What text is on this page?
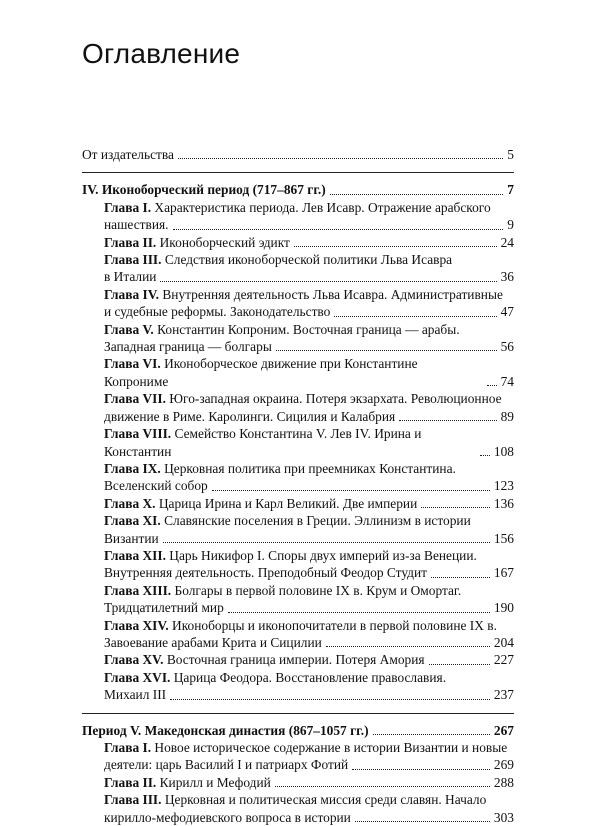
Оглавление
От издательства	5
IV. Иконоборческий период (717–867 гг.)	7
Глава I. Характеристика периода. Лев Исавр. Отражение арабского
нашествия.	9
Глава II. Иконоборческий эдикт	24
Глава III. Следствия иконоборческой политики Льва Исавра
в Италии	36
Глава IV. Внутренняя деятельность Льва Исавра. Административные
и судебные реформы. Законодательство	47
Глава V. Константин Копроним. Восточная граница — арабы.
Западная граница — болгары	56
Глава VI. Иконоборческое движение при Константине Копрониме	74
Глава VII. Юго-западная окраина. Потеря экзархата. Революционное
движение в Риме. Каролинги. Сицилия и Калабрия	89
Глава VIII. Семейство Константина V. Лев IV. Ирина и Константин	108
Глава IX. Церковная политика при преемниках Константина.
Вселенский собор	123
Глава X. Царица Ирина и Карл Великий. Две империи	136
Глава XI. Славянские поселения в Греции. Эллинизм в истории
Византии	156
Глава XII. Царь Никифор I. Споры двух империй из-за Венеции.
Внутренняя деятельность. Преподобный Феодор Студит	167
Глава XIII. Болгары в первой половине IX в. Крум и Омортаг.
Тридцатилетний мир	190
Глава XIV. Иконоборцы и иконопочитатели в первой половине IX в.
Завоевание арабами Крита и Сицилии	204
Глава XV. Восточная граница империи. Потеря Амория	227
Глава XVI. Царица Феодора. Восстановление православия.
Михаил III	237
Период V. Македонская династия (867–1057 гг.)	267
Глава I. Новое историческое содержание в истории Византии и новые
деятели: царь Василий I и патриарх Фотий	269
Глава II. Кирилл и Мефодий	288
Глава III. Церковная и политическая миссия среди славян. Начало
кирилло-мефодиевского вопроса в истории	303
